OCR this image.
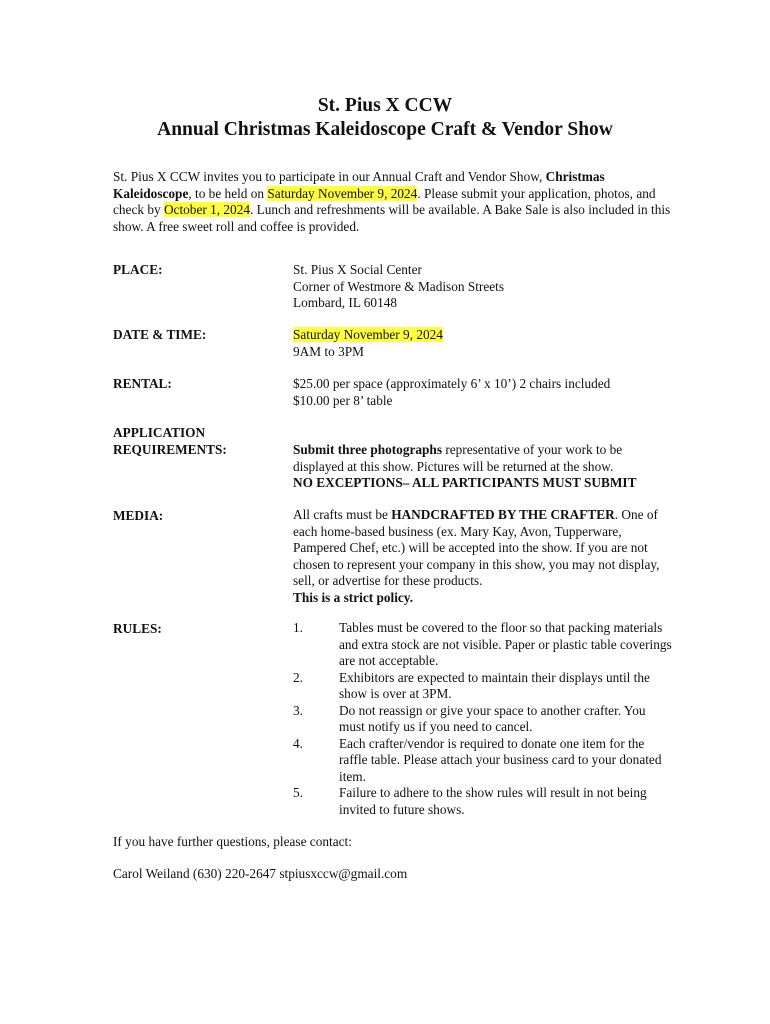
St. Pius X CCW
Annual Christmas Kaleidoscope Craft & Vendor Show
St. Pius X CCW invites you to participate in our Annual Craft and Vendor Show, Christmas Kaleidoscope, to be held on Saturday November 9, 2024. Please submit your application, photos, and check by October 1, 2024. Lunch and refreshments will be available. A Bake Sale is also included in this show. A free sweet roll and coffee is provided.
PLACE:	St. Pius X Social Center
Corner of Westmore & Madison Streets
Lombard, IL 60148
DATE & TIME:	Saturday November 9, 2024
9AM to 3PM
RENTAL:	$25.00 per space (approximately 6’ x 10’) 2 chairs included
$10.00 per 8’ table
APPLICATION
REQUIREMENTS:	Submit three photographs representative of your work to be displayed at this show. Pictures will be returned at the show.
NO EXCEPTIONS– ALL PARTICIPANTS MUST SUBMIT
MEDIA:	All crafts must be HANDCRAFTED BY THE CRAFTER. One of each home-based business (ex. Mary Kay, Avon, Tupperware, Pampered Chef, etc.) will be accepted into the show. If you are not chosen to represent your company in this show, you may not display, sell, or advertise for these products.
This is a strict policy.
RULES:	1.	Tables must be covered to the floor so that packing materials and extra stock are not visible. Paper or plastic table coverings are not acceptable.
2.	Exhibitors are expected to maintain their displays until the show is over at 3PM.
3.	Do not reassign or give your space to another crafter. You must notify us if you need to cancel.
4.	Each crafter/vendor is required to donate one item for the raffle table. Please attach your business card to your donated item.
5.	Failure to adhere to the show rules will result in not being invited to future shows.
If you have further questions, please contact:
Carol Weiland (630) 220-2647 stpiusxccw@gmail.com
